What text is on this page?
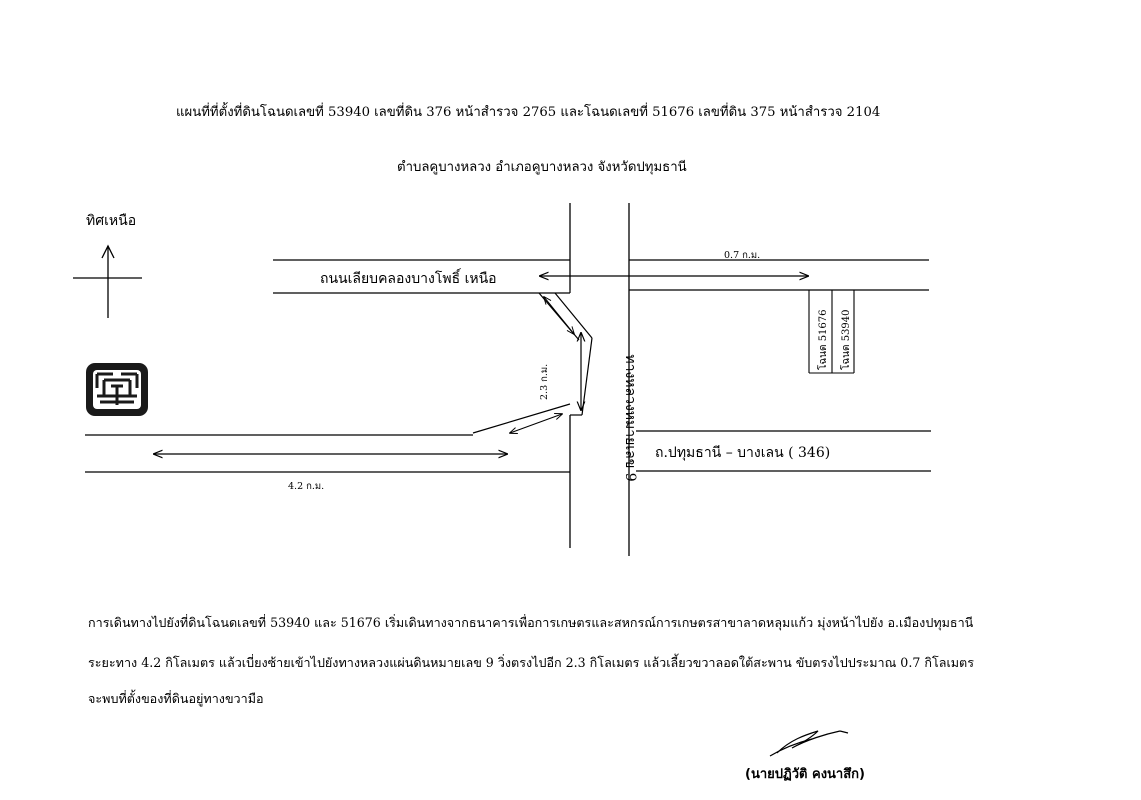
แผนที่ที่ตั้งที่ดินโฉนดเลขที่ 53940 เลขที่ดิน 376 หน้าสำรวจ 2765 และโฉนดเลขที่ 51676 เลขที่ดิน 375 หน้าสำรวจ 2104
ตำบลคูบางหลวง อำเภอคูบางหลวง จังหวัดปทุมธานี
ทิศเหนือ
ทางหลวงหมายเลข 9
ถนนเลียบคลองบางโพธิ์ เหนือ
0.7 ก.ม.
โฉนด 51676 โฉนด 53940
2.3 ก.ม.
ถ.ปทุมธานี – บางเลน ( 346)
4.2 ก.ม.
การเดินทางไปยังที่ดินโฉนดเลขที่ 53940 และ 51676 เริ่มเดินทางจากธนาคารเพื่อการเกษตรและสหกรณ์การเกษตรสาขาลาดหลุมแก้ว มุ่งหน้าไปยัง อ.เมืองปทุมธานี
ระยะทาง 4.2 กิโลเมตร แล้วเบี่ยงซ้ายเข้าไปยังทางหลวงแผ่นดินหมายเลข 9 วิ่งตรงไปอีก 2.3 กิโลเมตร แล้วเลี้ยวขวาลอดใต้สะพาน ขับตรงไปประมาณ 0.7 กิโลเมตร
จะพบที่ตั้งของที่ดินอยู่ทางขวามือ
(นายปฏิวัติ คงนาสึก)
